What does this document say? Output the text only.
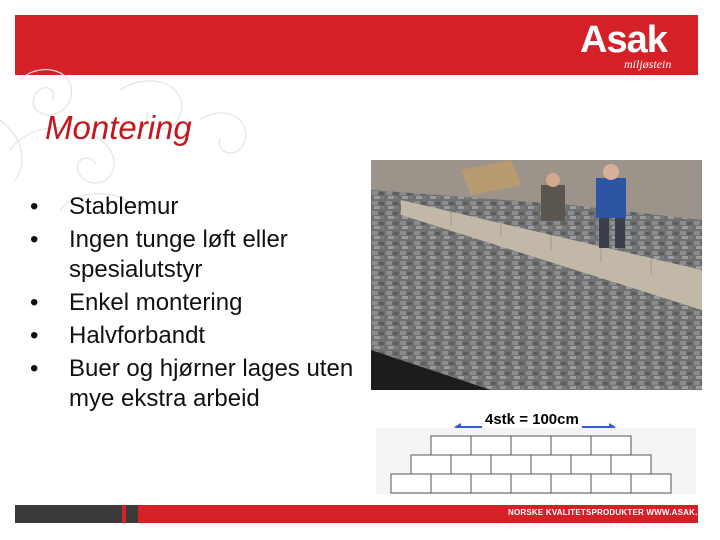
Asak
miljøstein
Montering
• Stablemur
• Ingen tunge løft eller spesialutstyr
• Enkel montering
• Halvforbandt
• Buer og hjørner lages uten mye ekstra arbeid
4stk = 100cm
NORSKE KVALITETSPRODUKTER WWW.ASAK.NO
